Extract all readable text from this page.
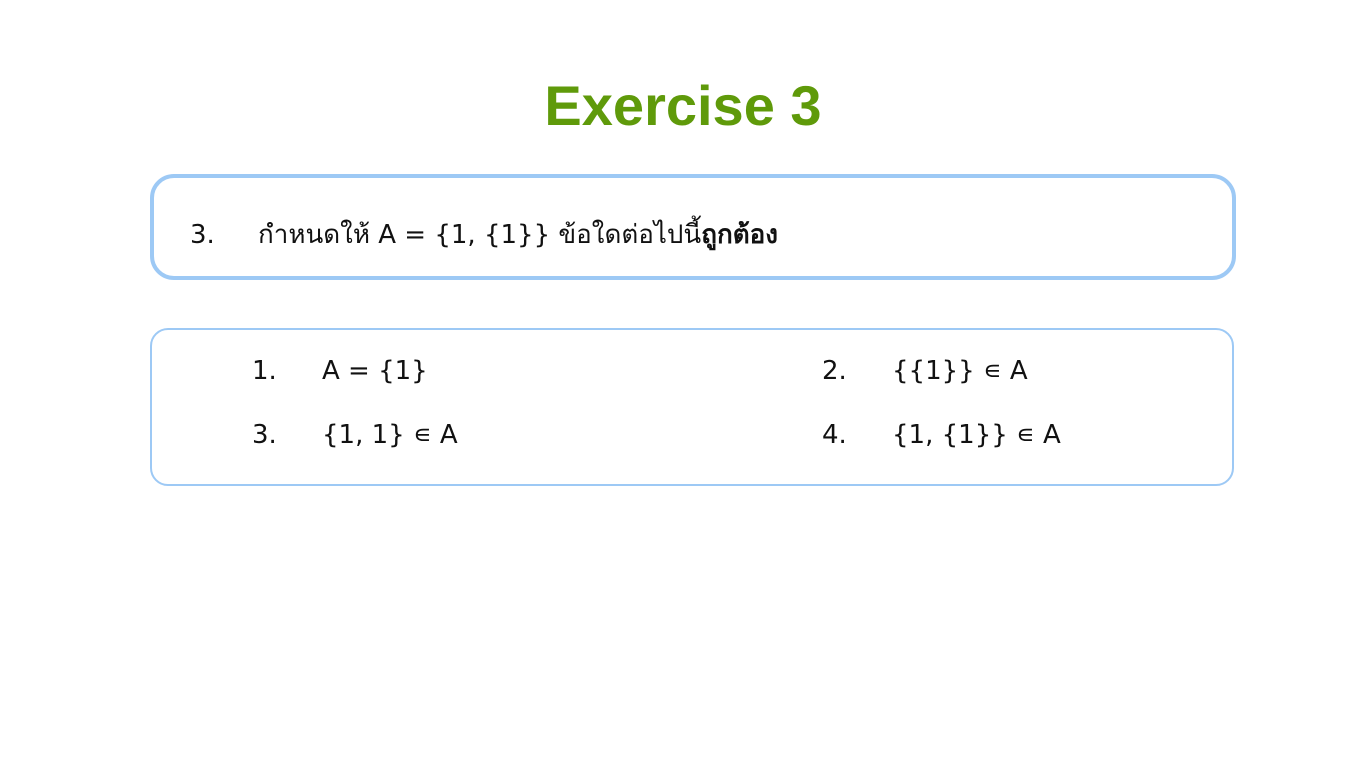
Exercise 3
3. กำหนดให้ A = {1, {1}} ข้อใดต่อไปนี้ถูกต้อง
1. A = {1}	2. {{1}} ∊ A
3. {1, 1} ∊ A	4. {1, {1}} ∊ A
